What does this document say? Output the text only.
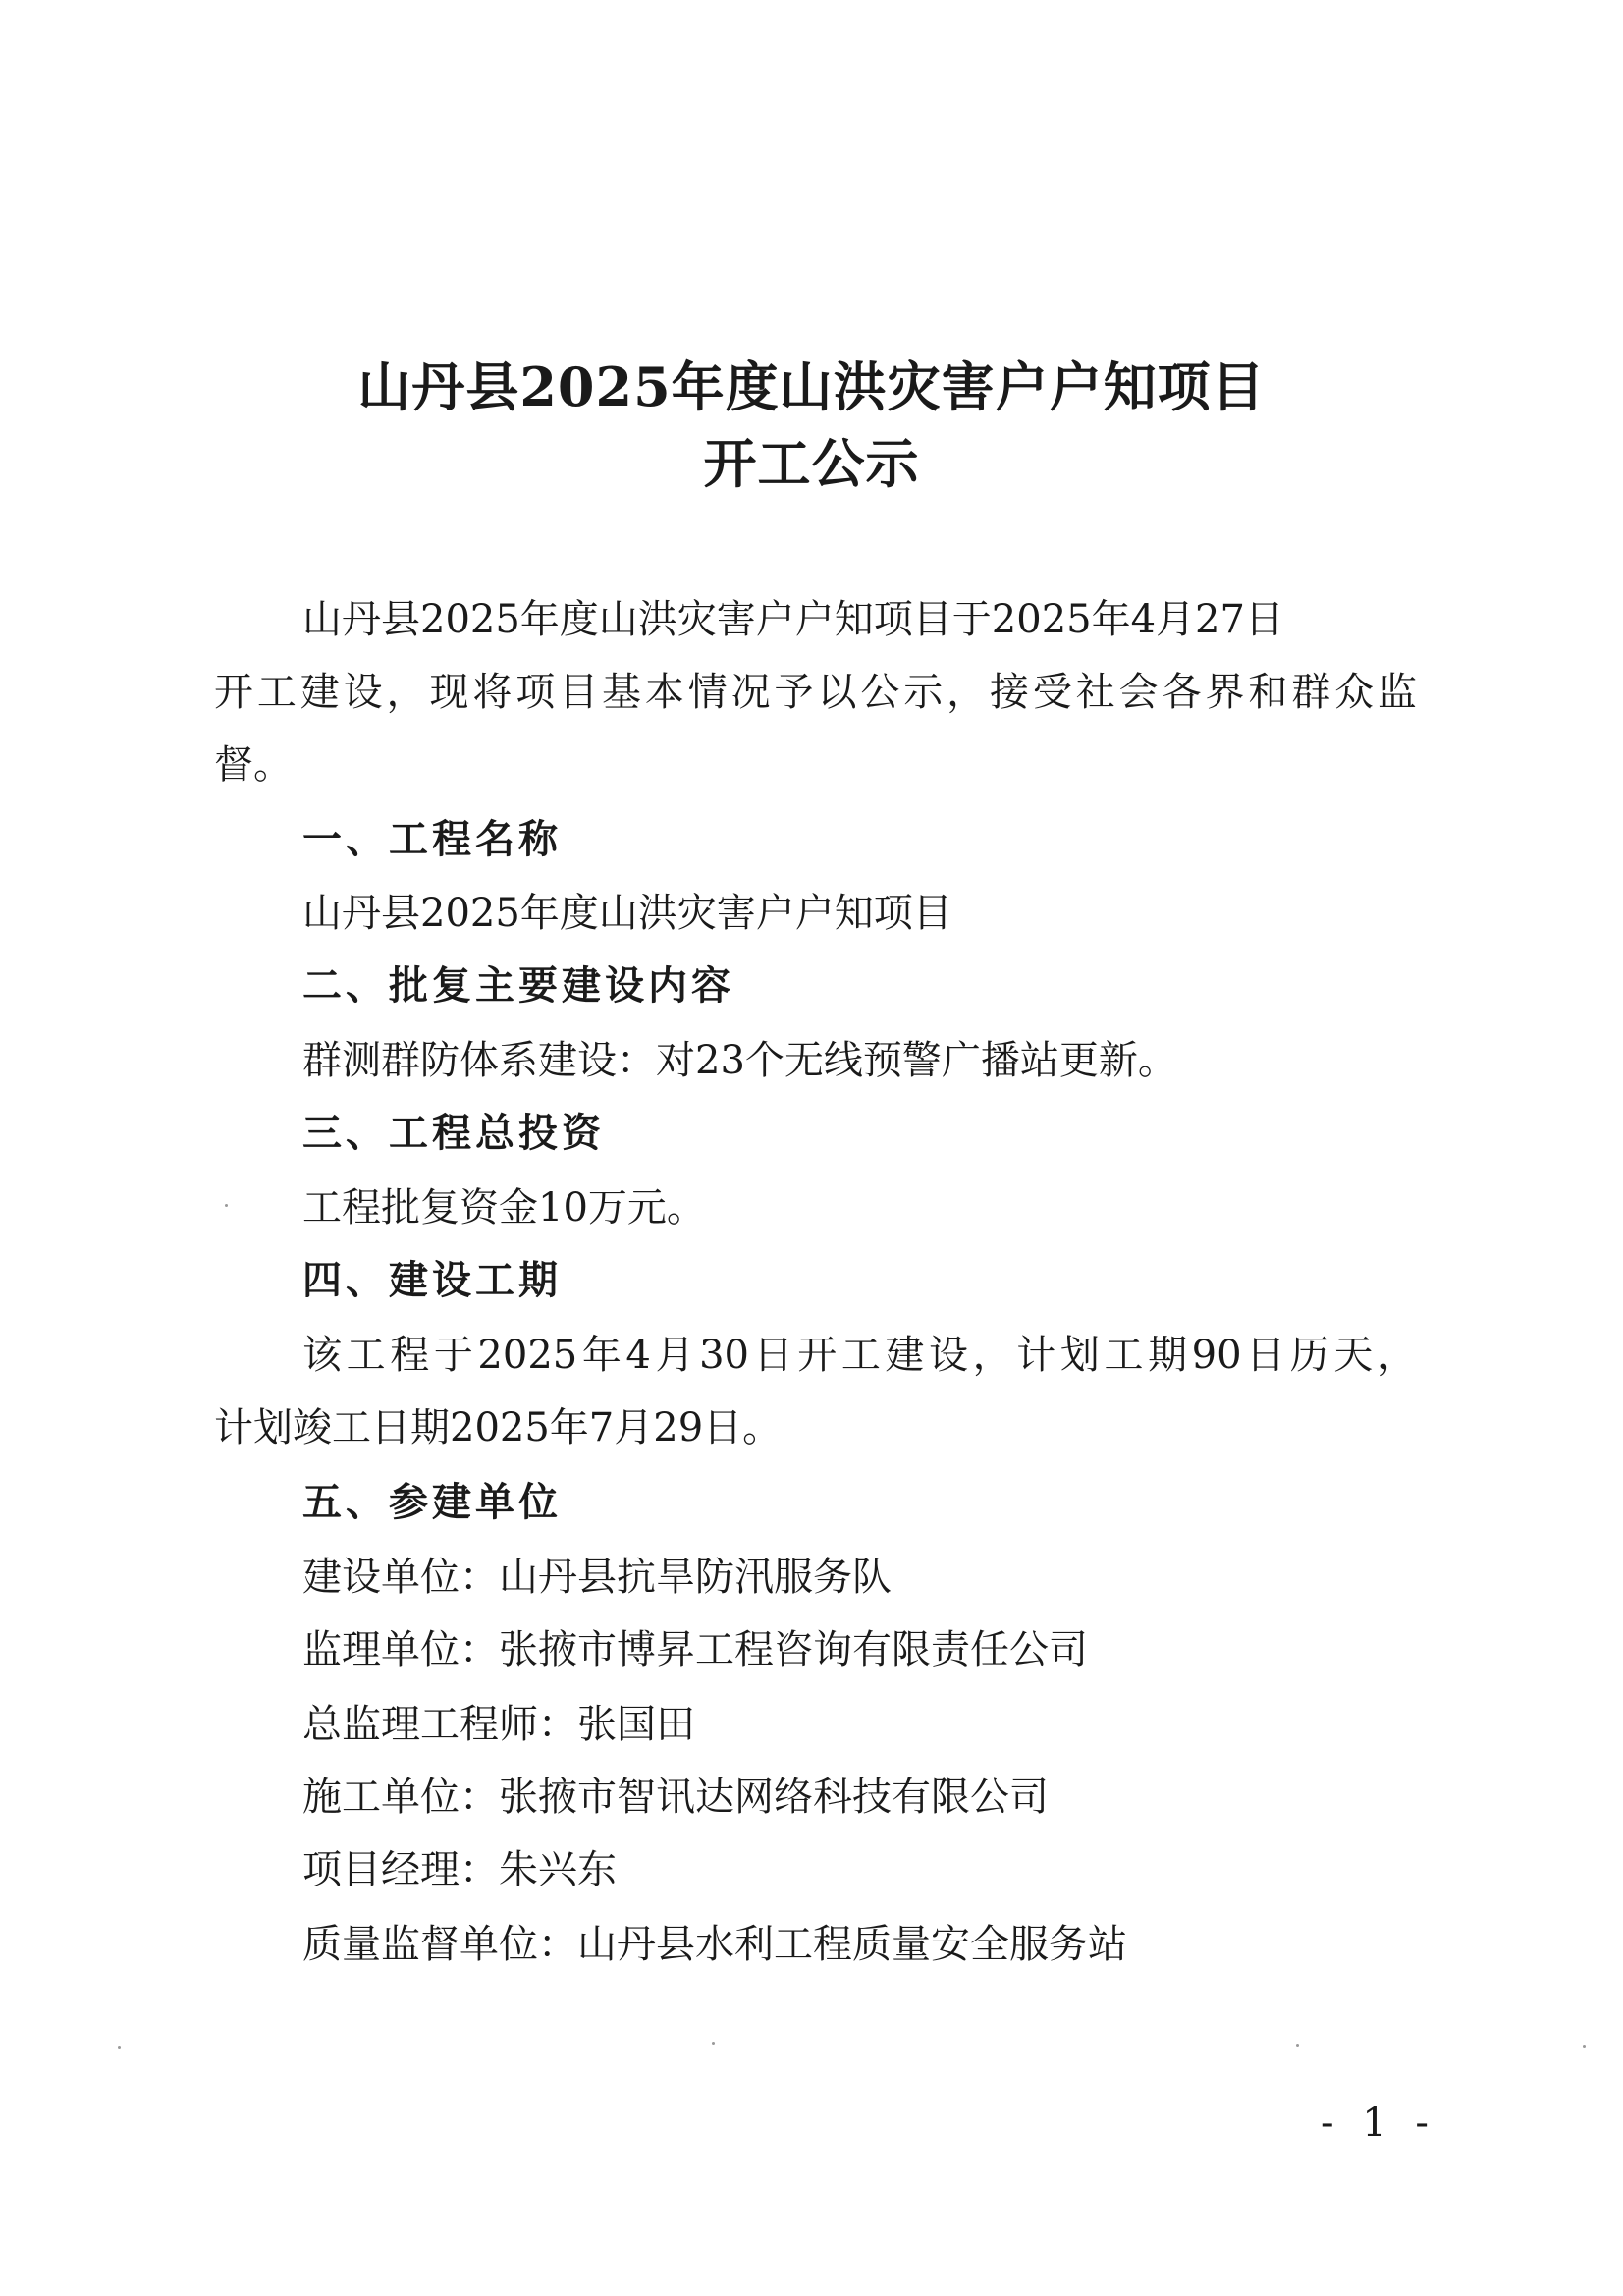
山丹县2025年度山洪灾害户户知项目
开工公示

山丹县2025年度山洪灾害户户知项目于2025年4月27日

开工建设，现将项目基本情况予以公示，接受社会各界和群众监

督。

一、工程名称

山丹县2025年度山洪灾害户户知项目

二、批复主要建设内容

群测群防体系建设：对23个无线预警广播站更新。

三、工程总投资

工程批复资金10万元。

四、建设工期

该工程于2025年4月30日开工建设，计划工期90日历天，

计划竣工日期2025年7月29日。

五、参建单位

建设单位：山丹县抗旱防汛服务队

监理单位：张掖市博昇工程咨询有限责任公司

总监理工程师：张国田

施工单位：张掖市智讯达网络科技有限公司

项目经理：朱兴东

质量监督单位：山丹县水利工程质量安全服务站

- 1 -
